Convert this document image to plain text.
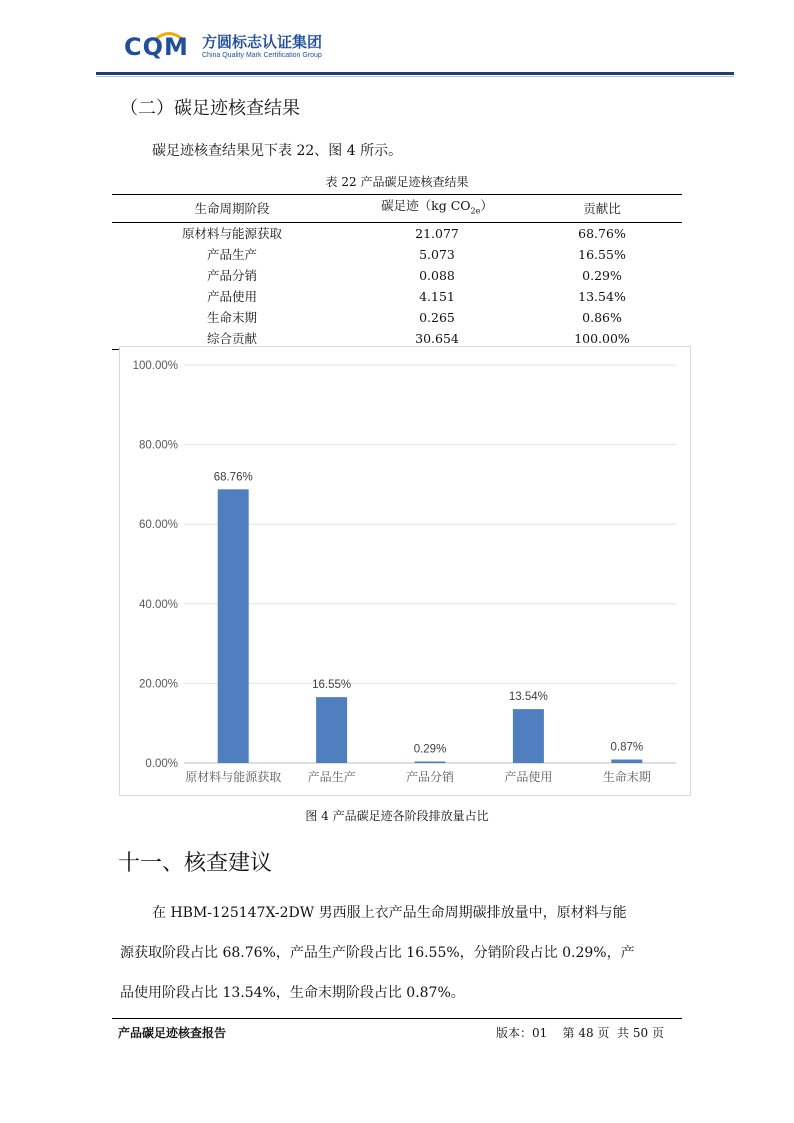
CQM 方圆标志认证集团
China Quality Mark Certification Group
（二）碳足迹核查结果
碳足迹核查结果见下表 22、图 4 所示。
表 22 产品碳足迹核查结果
生命周期阶段	碳足迹（kg $CO_{2e}$）	贡献比
原材料与能源获取	21.077	68.76%
产品生产	5.073	16.55%
产品分销	0.088	0.29%
产品使用	4.151	13.54%
生命末期	0.265	0.86%
综合贡献	30.654	100.00%
0.00%
20.00%
40.00%
60.00%
80.00%
100.00%
68.76%
原材料与能源获取
16.55%
产品生产
0.29%
产品分销
13.54%
产品使用
0.87%
生命末期
图 4 产品碳足迹各阶段排放量占比
十一、核查建议
在 HBM-125147X-2DW 男西服上衣产品生命周期碳排放量中，原材料与能
源获取阶段占比 68.76%，产品生产阶段占比 16.55%，分销阶段占比 0.29%，产
品使用阶段占比 13.54%，生命末期阶段占比 0.87%。
产品碳足迹核查报告	版本：01    第 48 页  共 50 页
